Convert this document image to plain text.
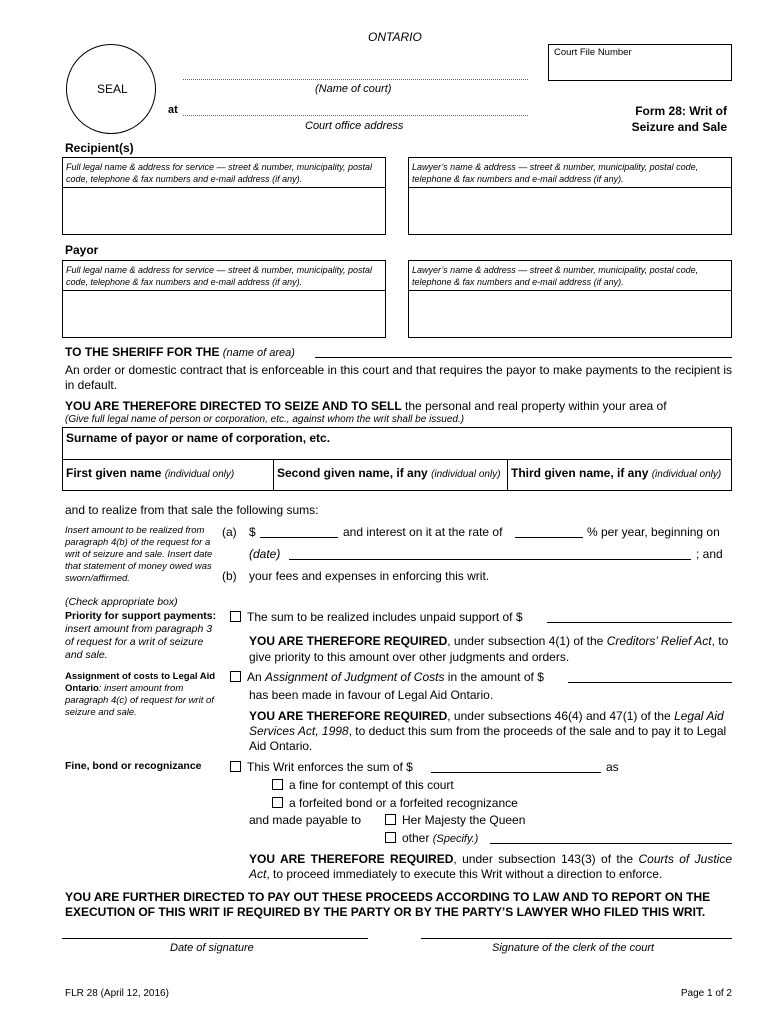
ONTARIO
SEAL
Court File Number
(Name of court)
at
Court office address
Form 28: Writ of
Seizure and Sale
Recipient(s)
Full legal name & address for service — street & number, municipality, postal code, telephone & fax numbers and e-mail address (if any).
Lawyer’s name & address — street & number, municipality, postal code, telephone & fax numbers and e-mail address (if any).
Payor
Full legal name & address for service — street & number, municipality, postal code, telephone & fax numbers and e-mail address (if any).
Lawyer’s name & address — street & number, municipality, postal code, telephone & fax numbers and e-mail address (if any).
TO THE SHERIFF FOR THE (name of area)
An order or domestic contract that is enforceable in this court and that requires the payor to make payments to the recipient is in default.
YOU ARE THEREFORE DIRECTED TO SEIZE AND TO SELL the personal and real property within your area of
(Give full legal name of person or corporation, etc., against whom the writ shall be issued.)
Surname of payor or name of corporation, etc.
First given name (individual only)	Second given name, if any (individual only) Third given name, if any (individual only)
and to realize from that sale the following sums:
Insert amount to be realized from paragraph 4(b) of the request for a writ of seizure and sale. Insert date that statement of money owed was sworn/affirmed.
(a) $	and interest on it at the rate of	% per year, beginning on
(date)	; and
(b) your fees and expenses in enforcing this writ.
(Check appropriate box)
Priority for support payments: insert amount from paragraph 3 of request for a writ of seizure and sale.
The sum to be realized includes unpaid support of $
YOU ARE THEREFORE REQUIRED, under subsection 4(1) of the Creditors’ Relief Act, to give priority to this amount over other judgments and orders.
Assignment of costs to Legal Aid Ontario: insert amount from paragraph 4(c) of request for writ of seizure and sale.
An Assignment of Judgment of Costs in the amount of $
has been made in favour of Legal Aid Ontario.
YOU ARE THEREFORE REQUIRED, under subsections 46(4) and 47(1) of the Legal Aid Services Act, 1998, to deduct this sum from the proceeds of the sale and to pay it to Legal Aid Ontario.
Fine, bond or recognizance	This Writ enforces the sum of $	as
a fine for contempt of this court
a forfeited bond or a forfeited recognizance
and made payable to	Her Majesty the Queen
other (Specify.)
YOU ARE THEREFORE REQUIRED, under subsection 143(3) of the Courts of Justice Act, to proceed immediately to execute this Writ without a direction to enforce.
YOU ARE FURTHER DIRECTED TO PAY OUT THESE PROCEEDS ACCORDING TO LAW AND TO REPORT ON THE EXECUTION OF THIS WRIT IF REQUIRED BY THE PARTY OR BY THE PARTY’S LAWYER WHO FILED THIS WRIT.
Date of signature	Signature of the clerk of the court
FLR 28 (April 12, 2016)	Page 1 of 2
